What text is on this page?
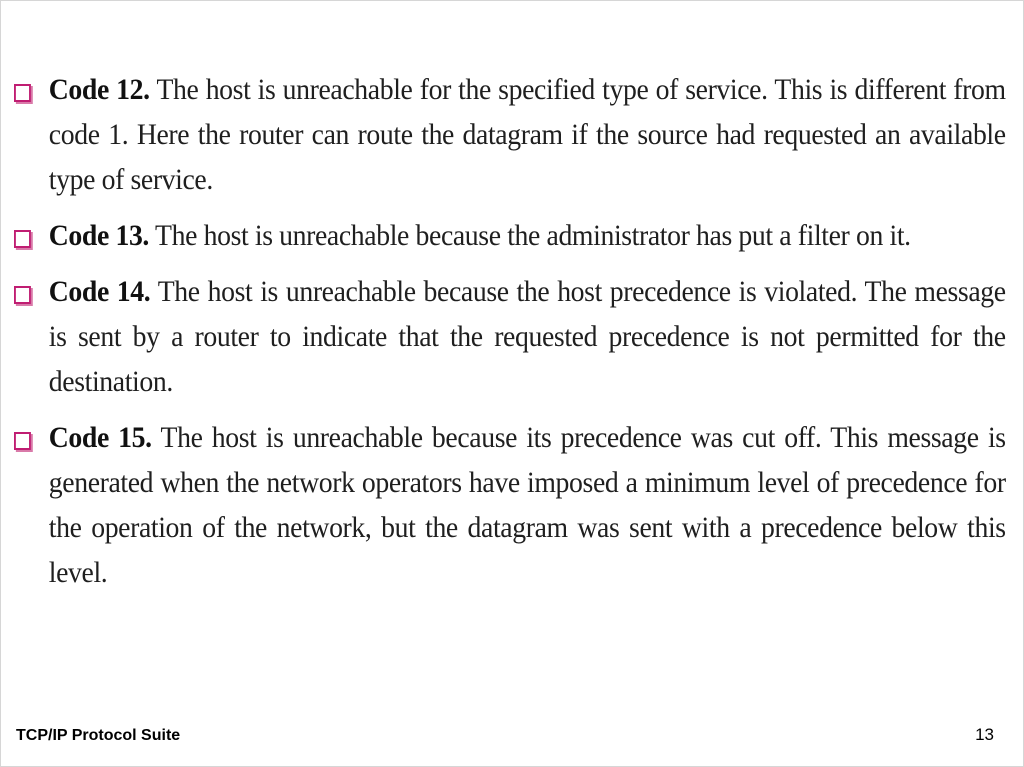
Code 12. The host is unreachable for the specified type of service. This is different from code 1. Here the router can route the datagram if the source had requested an available type of service.
Code 13. The host is unreachable because the administrator has put a filter on it.
Code 14. The host is unreachable because the host precedence is violated. The message is sent by a router to indicate that the requested precedence is not permitted for the destination.
Code 15. The host is unreachable because its precedence was cut off. This message is generated when the network operators have imposed a minimum level of precedence for the operation of the network, but the datagram was sent with a precedence below this level.
TCP/IP Protocol Suite	13
